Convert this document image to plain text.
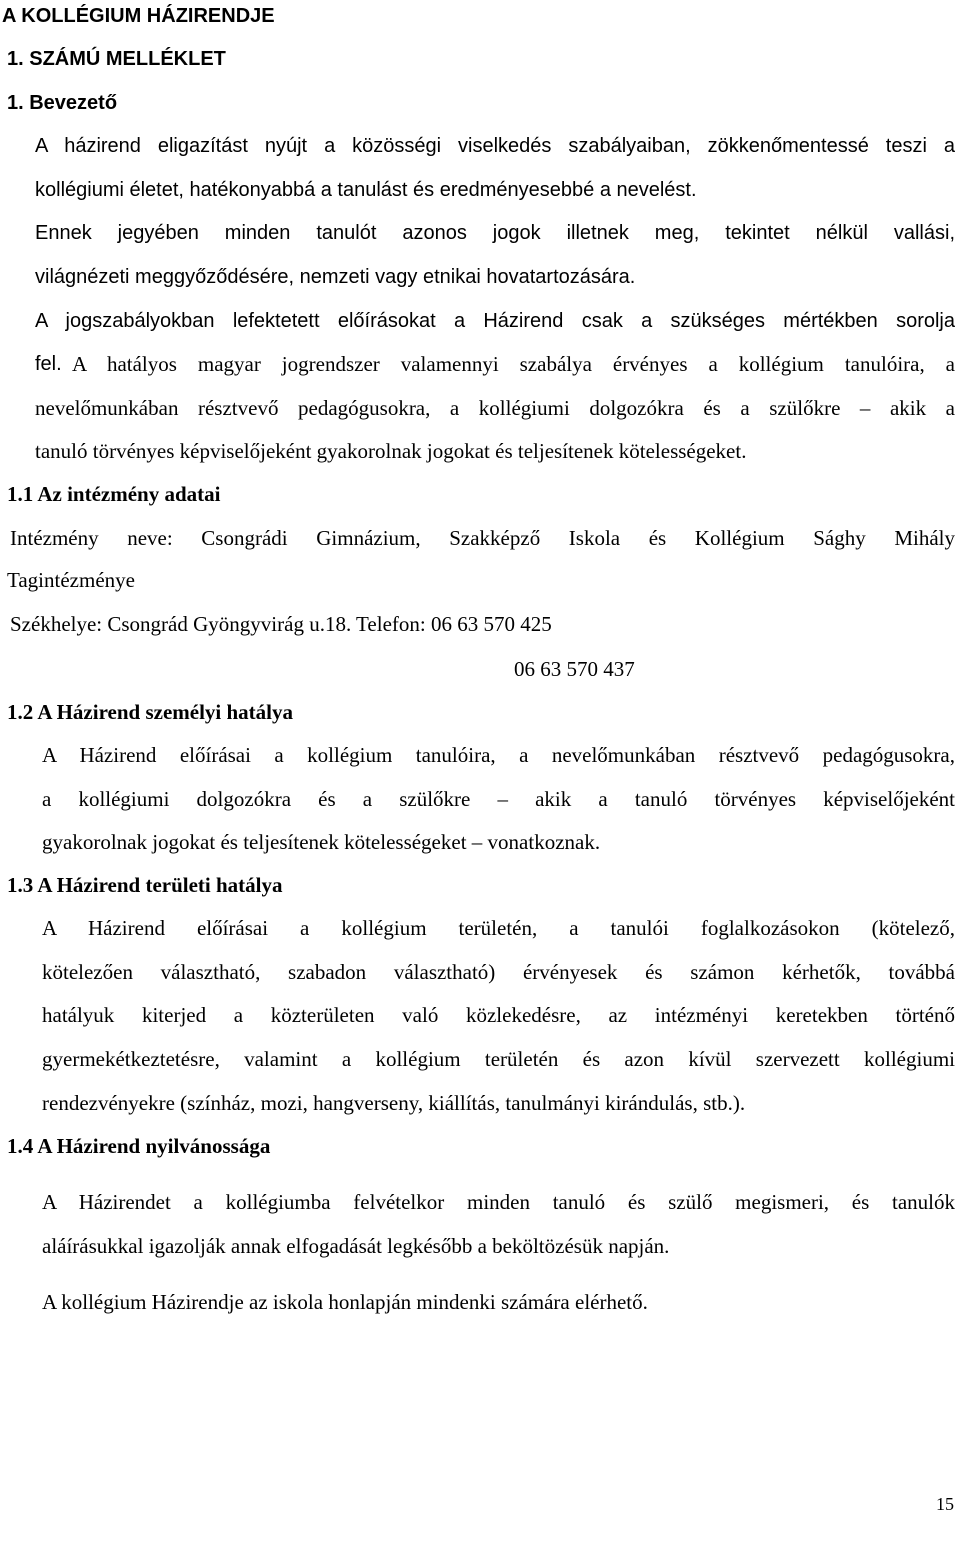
A KOLLÉGIUM HÁZIRENDJE
1. SZÁMÚ MELLÉKLET
1. Bevezető
A házirend eligazítást nyújt a közösségi viselkedés szabályaiban, zökkenőmentessé teszi a
kollégiumi életet, hatékonyabbá a tanulást és eredményesebbé a nevelést.
Ennek jegyében minden tanulót azonos jogok illetnek meg, tekintet nélkül vallási,
világnézeti meggyőződésére, nemzeti vagy etnikai hovatartozására.
A jogszabályokban lefektetett előírásokat a Házirend csak a szükséges mértékben sorolja
fel. A hatályos magyar jogrendszer valamennyi szabálya érvényes a kollégium tanulóira, a
nevelőmunkában résztvevő pedagógusokra, a kollégiumi dolgozókra és a szülőkre – akik a
tanuló törvényes képviselőjeként gyakorolnak jogokat és teljesítenek kötelességeket.
1.1 Az intézmény adatai
Intézmény neve: Csongrádi Gimnázium, Szakképző Iskola és Kollégium Sághy Mihály
Tagintézménye
Székhelye: Csongrád Gyöngyvirág u.18. Telefon: 06 63 570 425
06 63 570 437
1.2 A Házirend személyi hatálya
A Házirend előírásai a kollégium tanulóira, a nevelőmunkában résztvevő pedagógusokra,
a kollégiumi dolgozókra és a szülőkre – akik a tanuló törvényes képviselőjeként
gyakorolnak jogokat és teljesítenek kötelességeket – vonatkoznak.
1.3 A Házirend területi hatálya
A Házirend előírásai a kollégium területén, a tanulói foglalkozásokon (kötelező,
kötelezően választható, szabadon választható) érvényesek és számon kérhetők, továbbá
hatályuk kiterjed a közterületen való közlekedésre, az intézményi keretekben történő
gyermekétkeztetésre, valamint a kollégium területén és azon kívül szervezett kollégiumi
rendezvényekre (színház, mozi, hangverseny, kiállítás, tanulmányi kirándulás, stb.).
1.4 A Házirend nyilvánossága
A Házirendet a kollégiumba felvételkor minden tanuló és szülő megismeri, és tanulók
aláírásukkal igazolják annak elfogadását legkésőbb a beköltözésük napján.
A kollégium Házirendje az iskola honlapján mindenki számára elérhető.
15
